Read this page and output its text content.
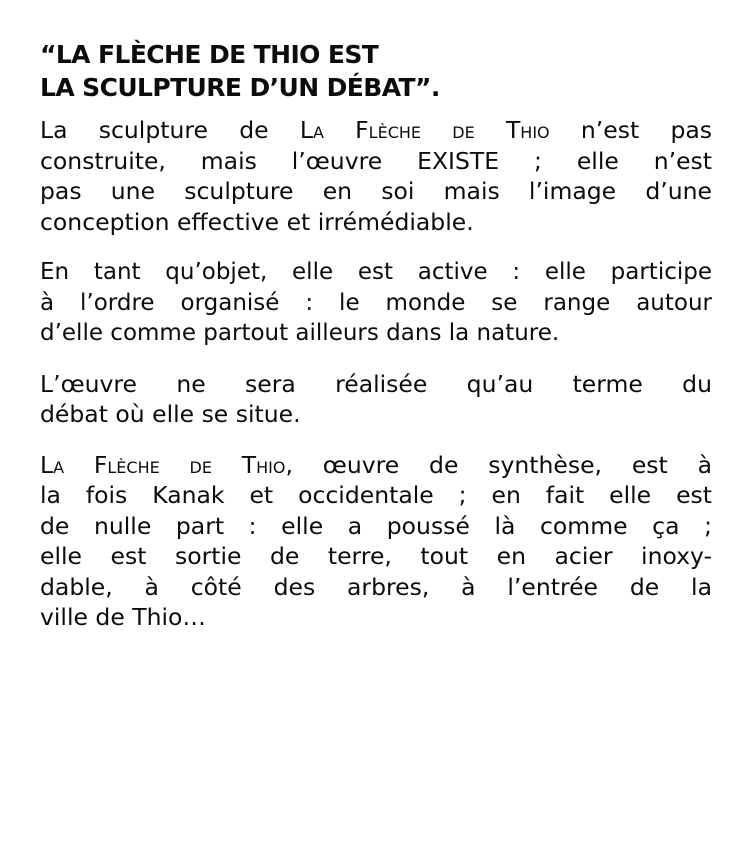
“LA FLÈCHE DE THIO EST
LA SCULPTURE D’UN DÉBAT”.

La sculpture de La Flèche de Thio n’est pas
construite, mais l’œuvre EXISTE ; elle n’est
pas une sculpture en soi mais l’image d’une
conception effective et irrémédiable.

En tant qu’objet, elle est active : elle participe
à l’ordre organisé : le monde se range autour
d’elle comme partout ailleurs dans la nature.

L’œuvre ne sera réalisée qu’au terme du
débat où elle se situe.

La Flèche de Thio, œuvre de synthèse, est à
la fois Kanak et occidentale ; en fait elle est
de nulle part : elle a poussé là comme ça ;
elle est sortie de terre, tout en acier inoxy-
dable, à côté des arbres, à l’entrée de la
ville de Thio…
